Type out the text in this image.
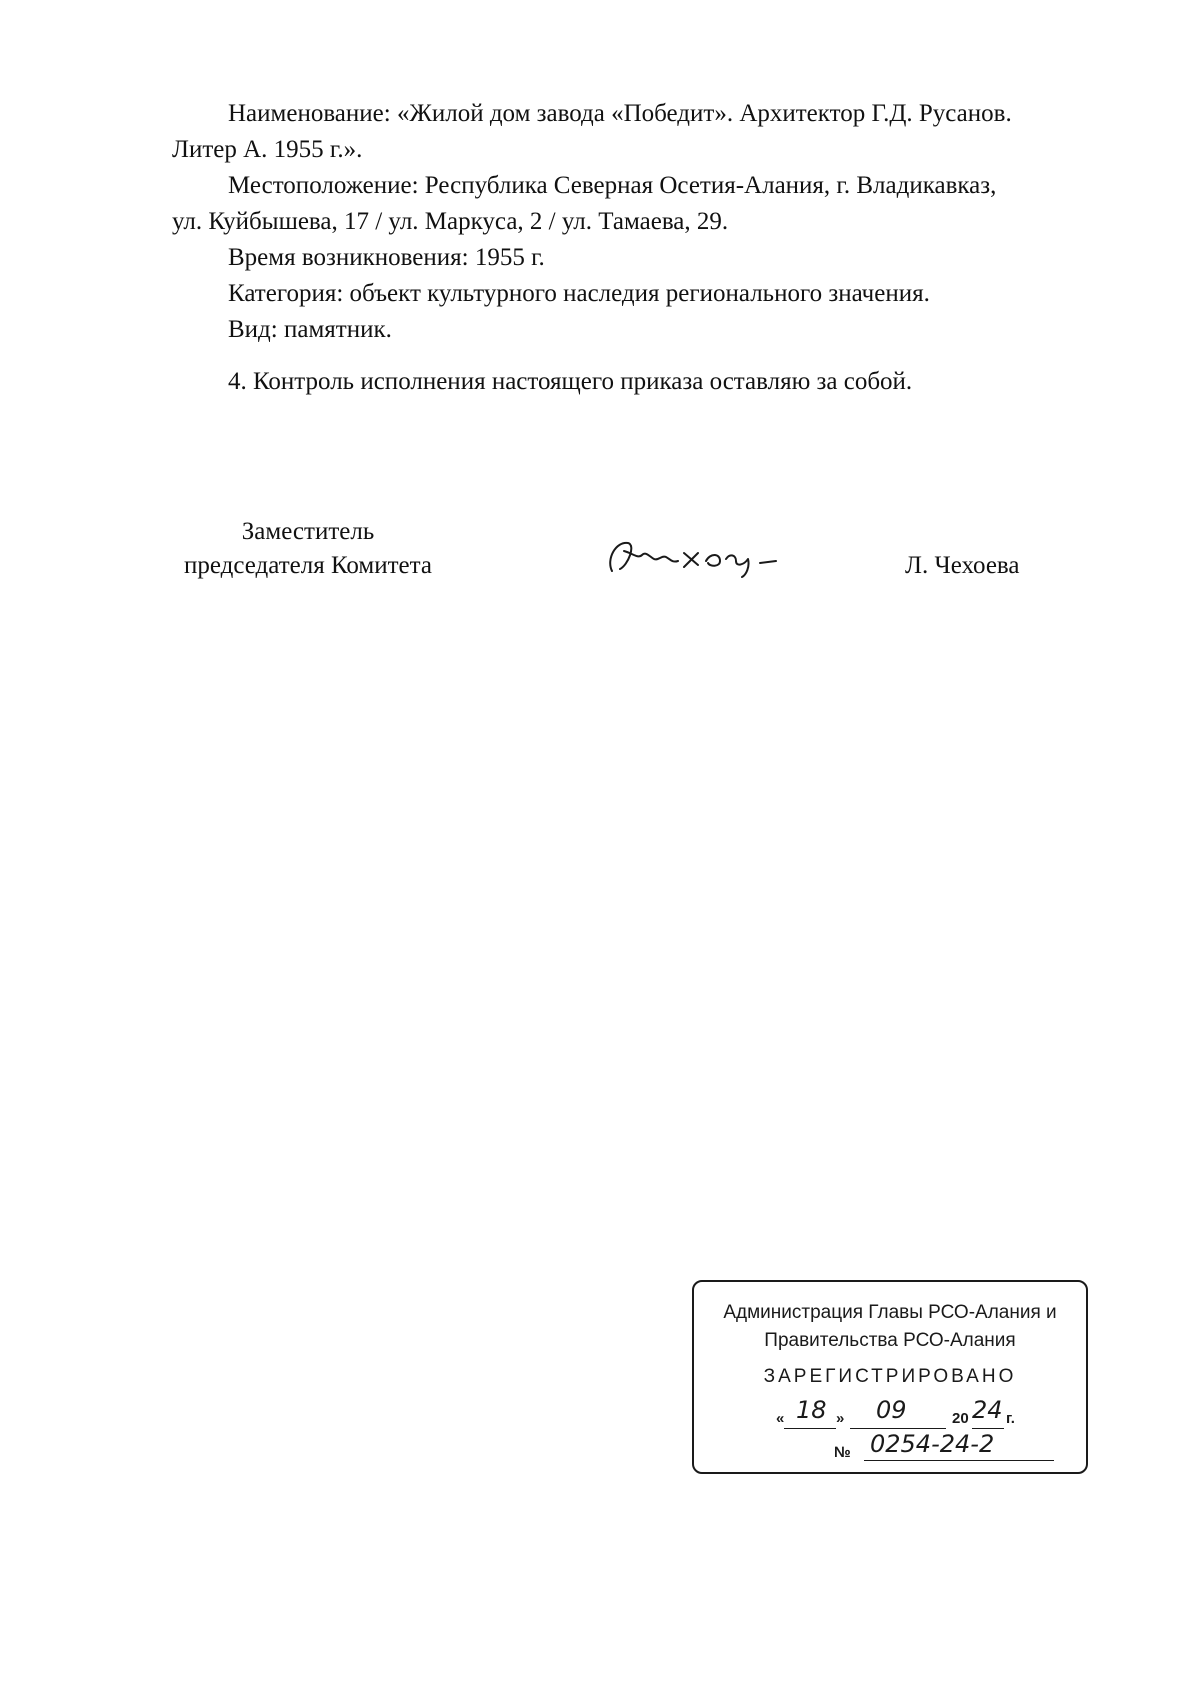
Наименование: «Жилой дом завода «Победит». Архитектор Г.Д. Русанов.

Литер А. 1955 г.».

Местоположение: Республика Северная Осетия-Алания, г. Владикавказ,

ул. Куйбышева, 17 / ул. Маркуса, 2 / ул. Тамаева, 29.

Время возникновения: 1955 г.

Категория: объект культурного наследия регионального значения.

Вид: памятник.

4. Контроль исполнения настоящего приказа оставляю за собой.

Заместитель
председателя Комитета	Л. Чехоева
Администрация Главы РСО-Алания и
Правительства РСО-Алания
ЗАРЕГИСТРИРОВАНО
« 18 » 09	20 24 г.
№ 0254-24-2
